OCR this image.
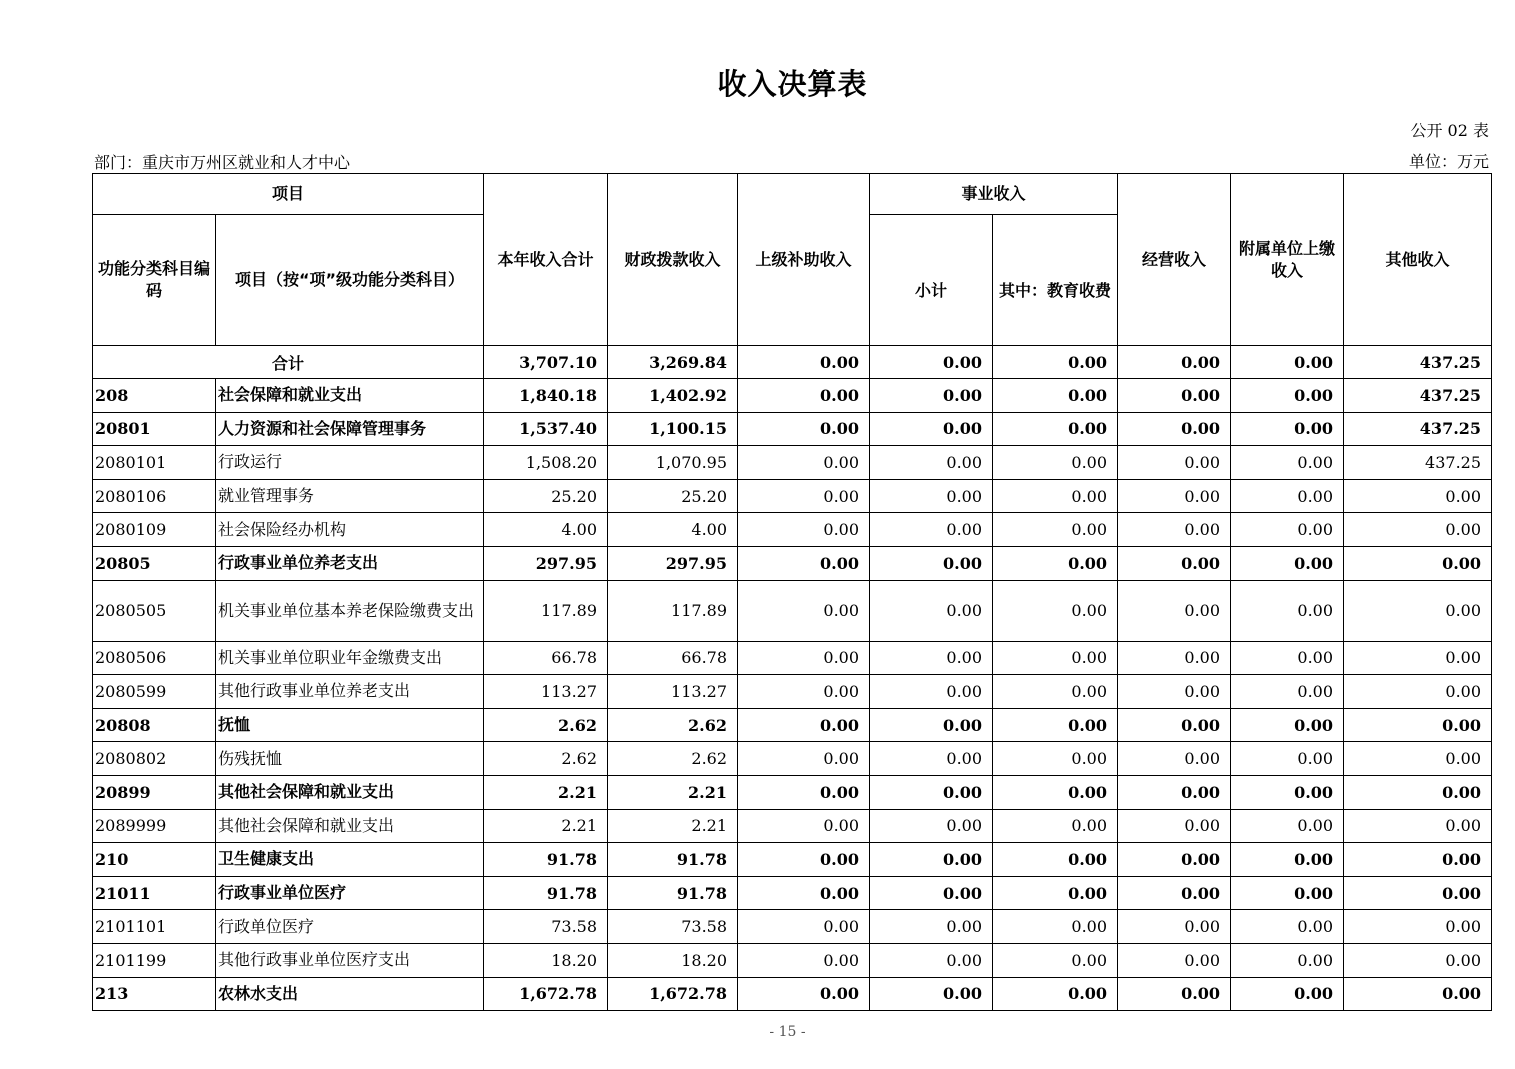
收入决算表
公开 02 表
部门：重庆市万州区就业和人才中心	单位：万元
项目		本年收入合计	财政拨款收入	上级补助收入	事业收入		经营收入	附属单位上缴收入	其他收入
功能分类科目编码	项目（按“项”级功能分类科目）				小计	其中：教育收费			
合计		3,707.10	3,269.84	0.00	0.00	0.00	0.00	0.00	437.25
208	社会保障和就业支出	1,840.18	1,402.92	0.00	0.00	0.00	0.00	0.00	437.25
20801	人力资源和社会保障管理事务	1,537.40	1,100.15	0.00	0.00	0.00	0.00	0.00	437.25
2080101	行政运行	1,508.20	1,070.95	0.00	0.00	0.00	0.00	0.00	437.25
2080106	就业管理事务	25.20	25.20	0.00	0.00	0.00	0.00	0.00	0.00
2080109	社会保险经办机构	4.00	4.00	0.00	0.00	0.00	0.00	0.00	0.00
20805	行政事业单位养老支出	297.95	297.95	0.00	0.00	0.00	0.00	0.00	0.00
2080505	机关事业单位基本养老保险缴费支出	117.89	117.89	0.00	0.00	0.00	0.00	0.00	0.00
2080506	机关事业单位职业年金缴费支出	66.78	66.78	0.00	0.00	0.00	0.00	0.00	0.00
2080599	其他行政事业单位养老支出	113.27	113.27	0.00	0.00	0.00	0.00	0.00	0.00
20808	抚恤	2.62	2.62	0.00	0.00	0.00	0.00	0.00	0.00
2080802	伤残抚恤	2.62	2.62	0.00	0.00	0.00	0.00	0.00	0.00
20899	其他社会保障和就业支出	2.21	2.21	0.00	0.00	0.00	0.00	0.00	0.00
2089999	其他社会保障和就业支出	2.21	2.21	0.00	0.00	0.00	0.00	0.00	0.00
210	卫生健康支出	91.78	91.78	0.00	0.00	0.00	0.00	0.00	0.00
21011	行政事业单位医疗	91.78	91.78	0.00	0.00	0.00	0.00	0.00	0.00
2101101	行政单位医疗	73.58	73.58	0.00	0.00	0.00	0.00	0.00	0.00
2101199	其他行政事业单位医疗支出	18.20	18.20	0.00	0.00	0.00	0.00	0.00	0.00
213	农林水支出	1,672.78	1,672.78	0.00	0.00	0.00	0.00	0.00	0.00
- 15 -
